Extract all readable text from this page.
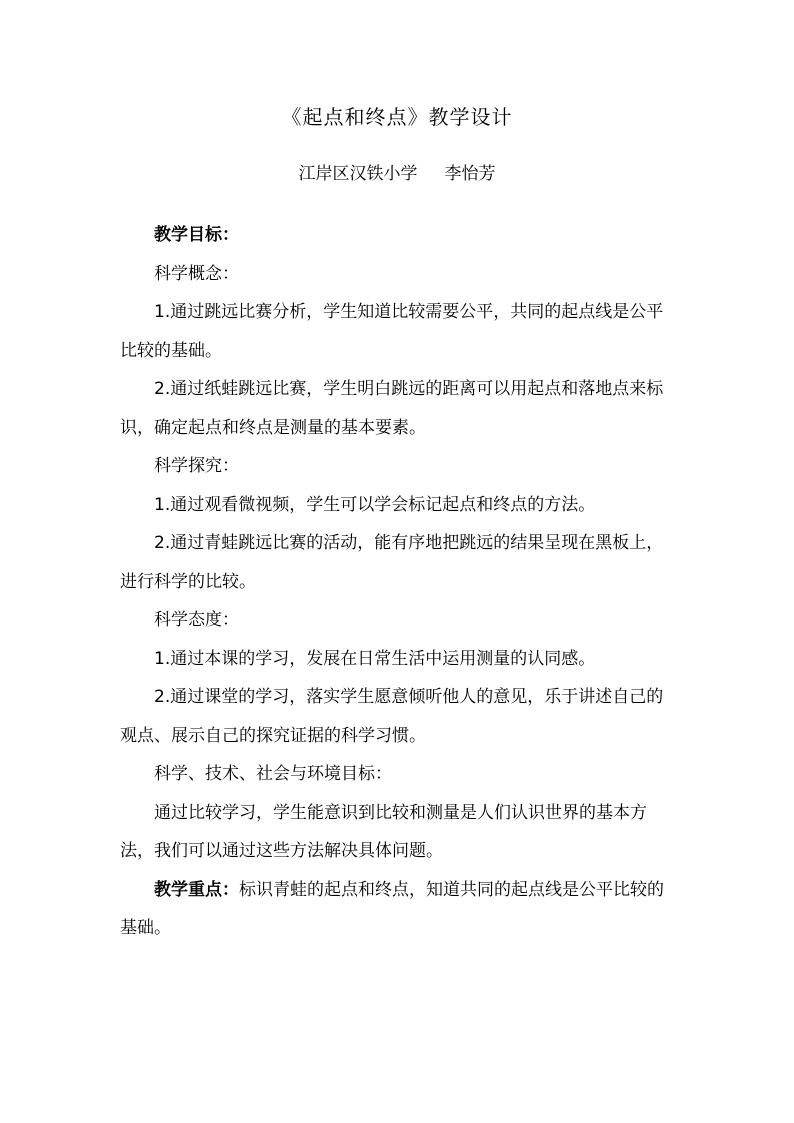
《起点和终点》教学设计
江岸区汉铁小学     李怡芳

教学目标：

科学概念：

1.通过跳远比赛分析，学生知道比较需要公平，共同的起点线是公平比较的基础。

2.通过纸蛙跳远比赛，学生明白跳远的距离可以用起点和落地点来标识，确定起点和终点是测量的基本要素。

科学探究：

1.通过观看微视频，学生可以学会标记起点和终点的方法。

2.通过青蛙跳远比赛的活动，能有序地把跳远的结果呈现在黑板上，进行科学的比较。

科学态度：

1.通过本课的学习，发展在日常生活中运用测量的认同感。

2.通过课堂的学习，落实学生愿意倾听他人的意见，乐于讲述自己的观点、展示自己的探究证据的科学习惯。

科学、技术、社会与环境目标：

通过比较学习，学生能意识到比较和测量是人们认识世界的基本方法，我们可以通过这些方法解决具体问题。

教学重点：标识青蛙的起点和终点，知道共同的起点线是公平比较的基础。
